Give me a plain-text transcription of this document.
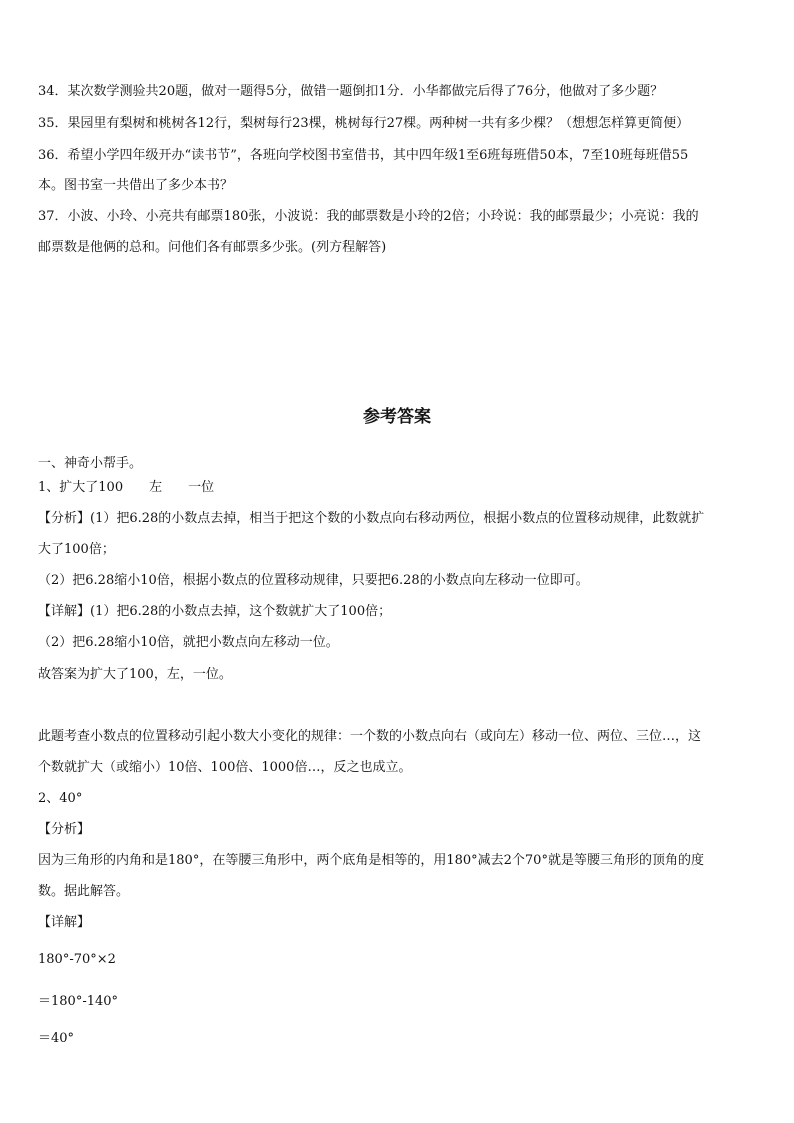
34．某次数学测验共20题，做对一题得5分，做错一题倒扣1分．小华都做完后得了76分，他做对了多少题？
35．果园里有梨树和桃树各12行，梨树每行23棵，桃树每行27棵。两种树一共有多少棵？（想想怎样算更简便）
36．希望小学四年级开办“读书节”，各班向学校图书室借书，其中四年级1至6班每班借50本，7至10班每班借55
本。图书室一共借出了多少本书？
37．小波、小玲、小亮共有邮票180张，小波说：我的邮票数是小玲的2倍；小玲说：我的邮票最少；小亮说：我的
邮票数是他俩的总和。问他们各有邮票多少张。(列方程解答)
参考答案
一、神奇小帮手。
1、扩大了100 左 一位
【分析】(1）把6.28的小数点去掉，相当于把这个数的小数点向右移动两位，根据小数点的位置移动规律，此数就扩
大了100倍；
（2）把6.28缩小10倍，根据小数点的位置移动规律，只要把6.28的小数点向左移动一位即可。
【详解】(1）把6.28的小数点去掉，这个数就扩大了100倍；
（2）把6.28缩小10倍，就把小数点向左移动一位。
故答案为扩大了100，左，一位。
此题考查小数点的位置移动引起小数大小变化的规律：一个数的小数点向右（或向左）移动一位、两位、三位…，这
个数就扩大（或缩小）10倍、100倍、1000倍…，反之也成立。
2、40°
【分析】
因为三角形的内角和是180°，在等腰三角形中，两个底角是相等的，用180°减去2个70°就是等腰三角形的顶角的度
数。据此解答。
【详解】
180°-70°×2
＝180°-140°
＝40°
